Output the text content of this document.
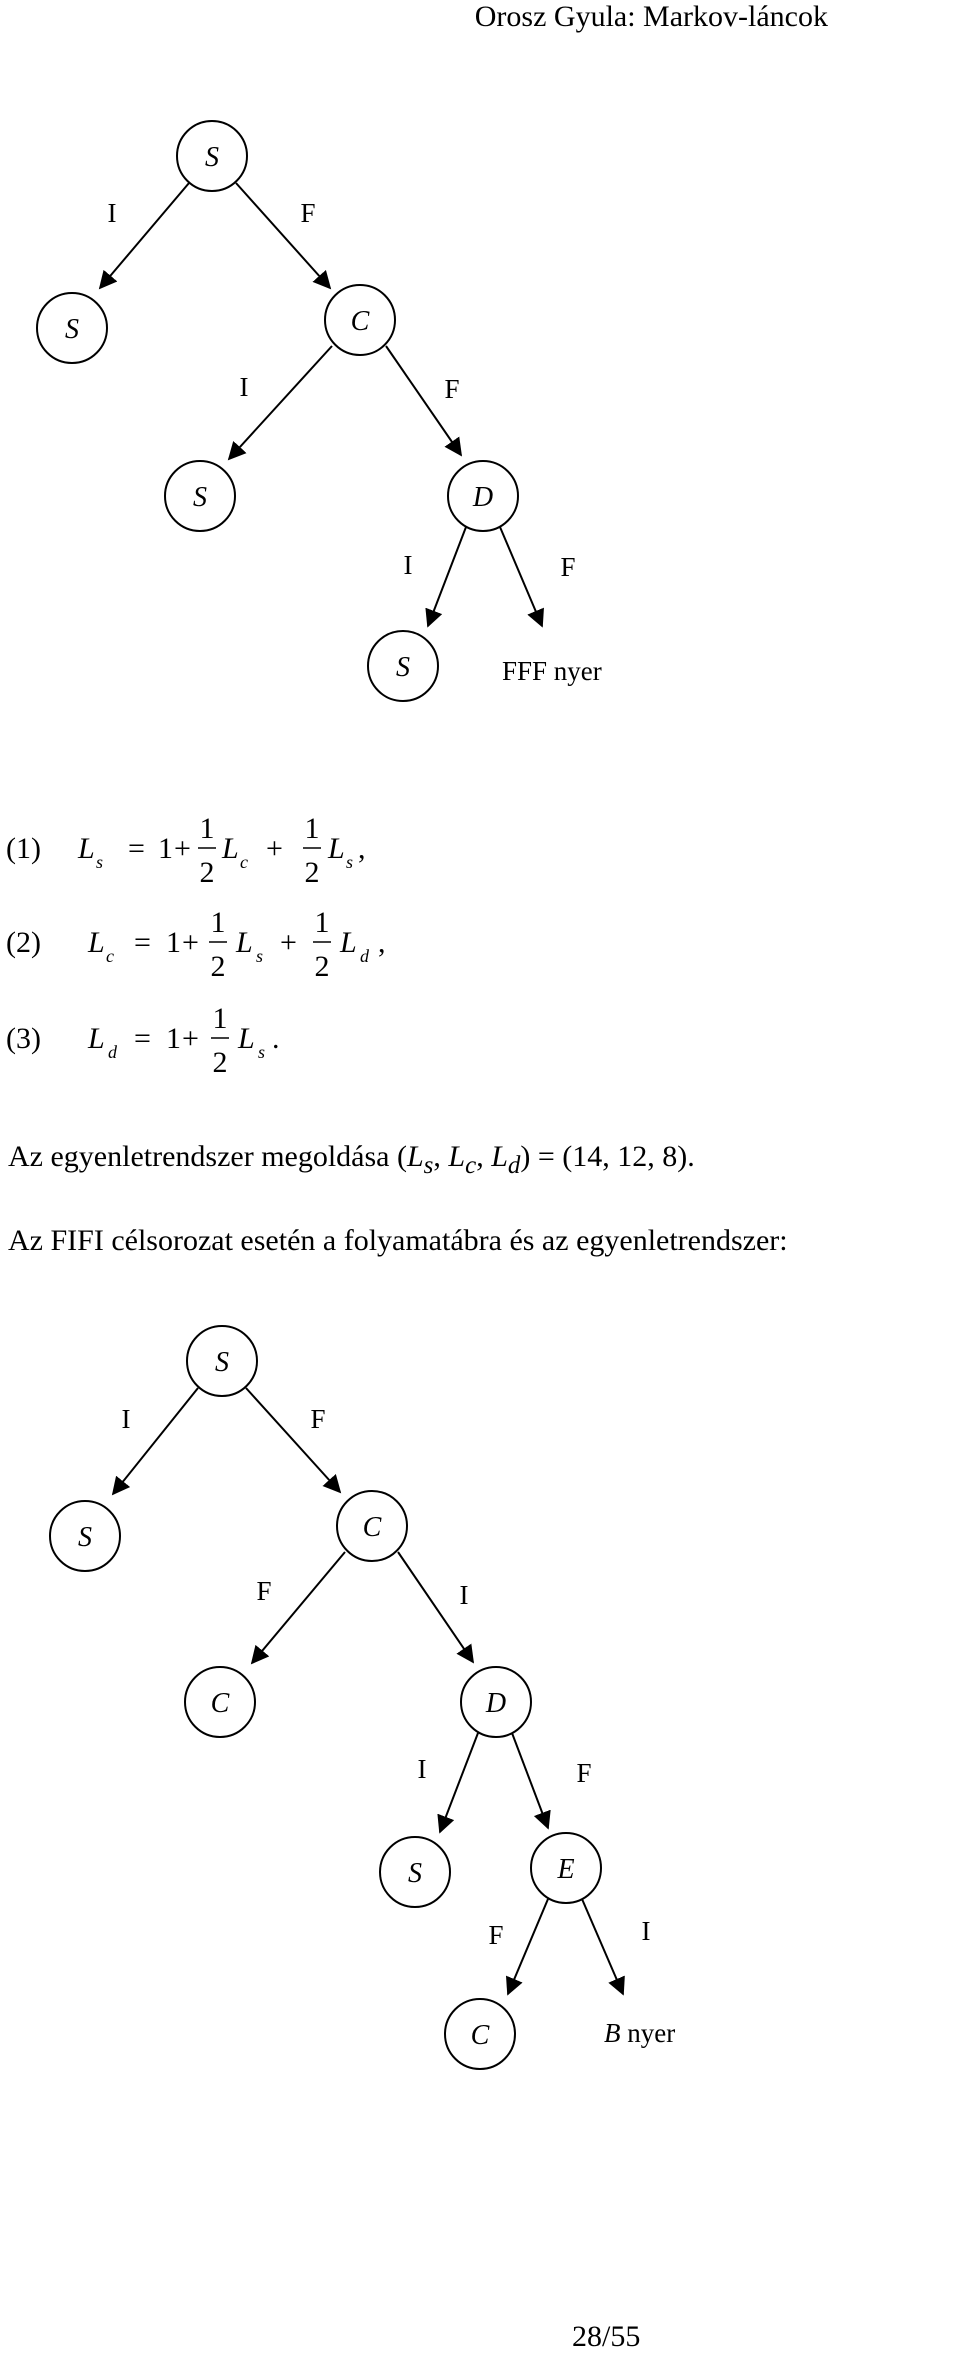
Orosz Gyula: Markov-láncok
S
S	C
S	D
S
I	F
I	F
I	F
FFF nyer
(1) L s = 1 +
1
2
L c +
1
2
L s ,
(2) L c = 1 +
1
2
L s +
1
2
L d ,
(3) L d = 1 +
1
2
L s .
Az egyenletrendszer megoldása ($L_s$, $L_c$, $L_d) = (14$, 12, 8).
Az FIFI célsorozat esetén a folyamatábra és az egyenletrendszer:
S
S	C
C	D
S	E
C
I	F
F	I
I	F
F	I
B nyer
28/55
